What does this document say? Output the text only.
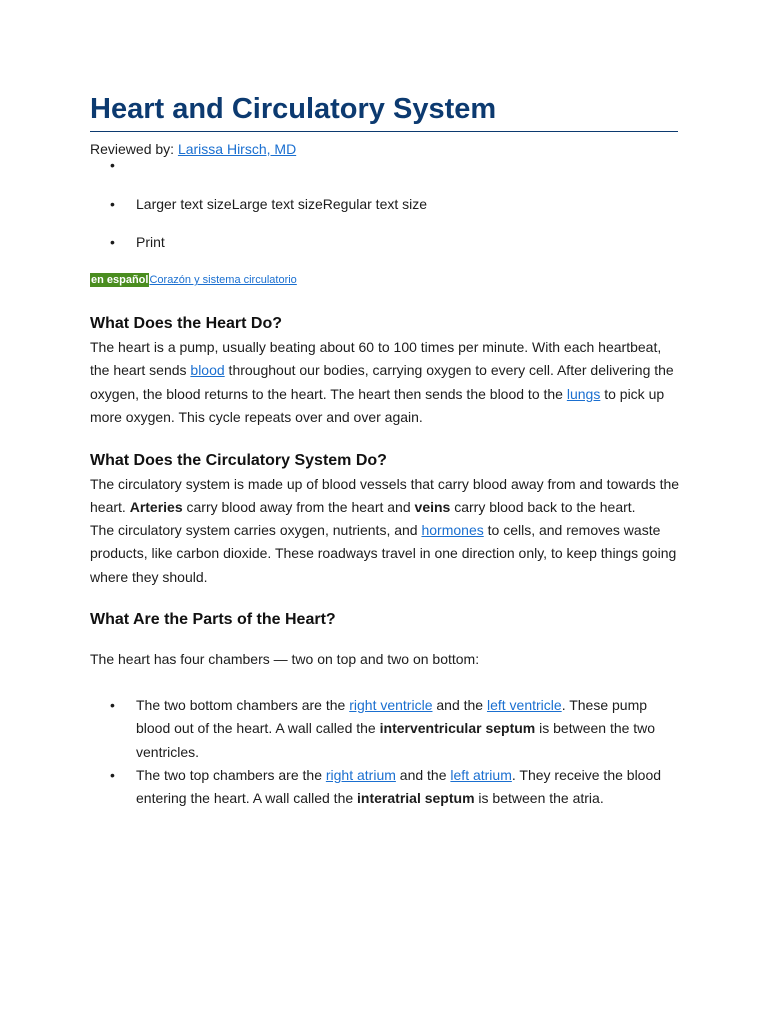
Heart and Circulatory System
Reviewed by: Larissa Hirsch, MD
•
• Larger text sizeLarge text sizeRegular text size
• Print
en españolCorazón y sistema circulatorio
What Does the Heart Do?

The heart is a pump, usually beating about 60 to 100 times per minute. With each heartbeat, the heart sends blood throughout our bodies, carrying oxygen to every cell. After delivering the oxygen, the blood returns to the heart. The heart then sends the blood to the lungs to pick up more oxygen. This cycle repeats over and over again.

What Does the Circulatory System Do?

The circulatory system is made up of blood vessels that carry blood away from and towards the heart. Arteries carry blood away from the heart and veins carry blood back to the heart.

The circulatory system carries oxygen, nutrients, and hormones to cells, and removes waste products, like carbon dioxide. These roadways travel in one direction only, to keep things going where they should.

What Are the Parts of the Heart?

The heart has four chambers — two on top and two on bottom:

• The two bottom chambers are the right ventricle and the left ventricle. These pump blood out of the heart. A wall called the interventricular septum is between the two ventricles.
• The two top chambers are the right atrium and the left atrium. They receive the blood entering the heart. A wall called the interatrial septum is between the atria.
